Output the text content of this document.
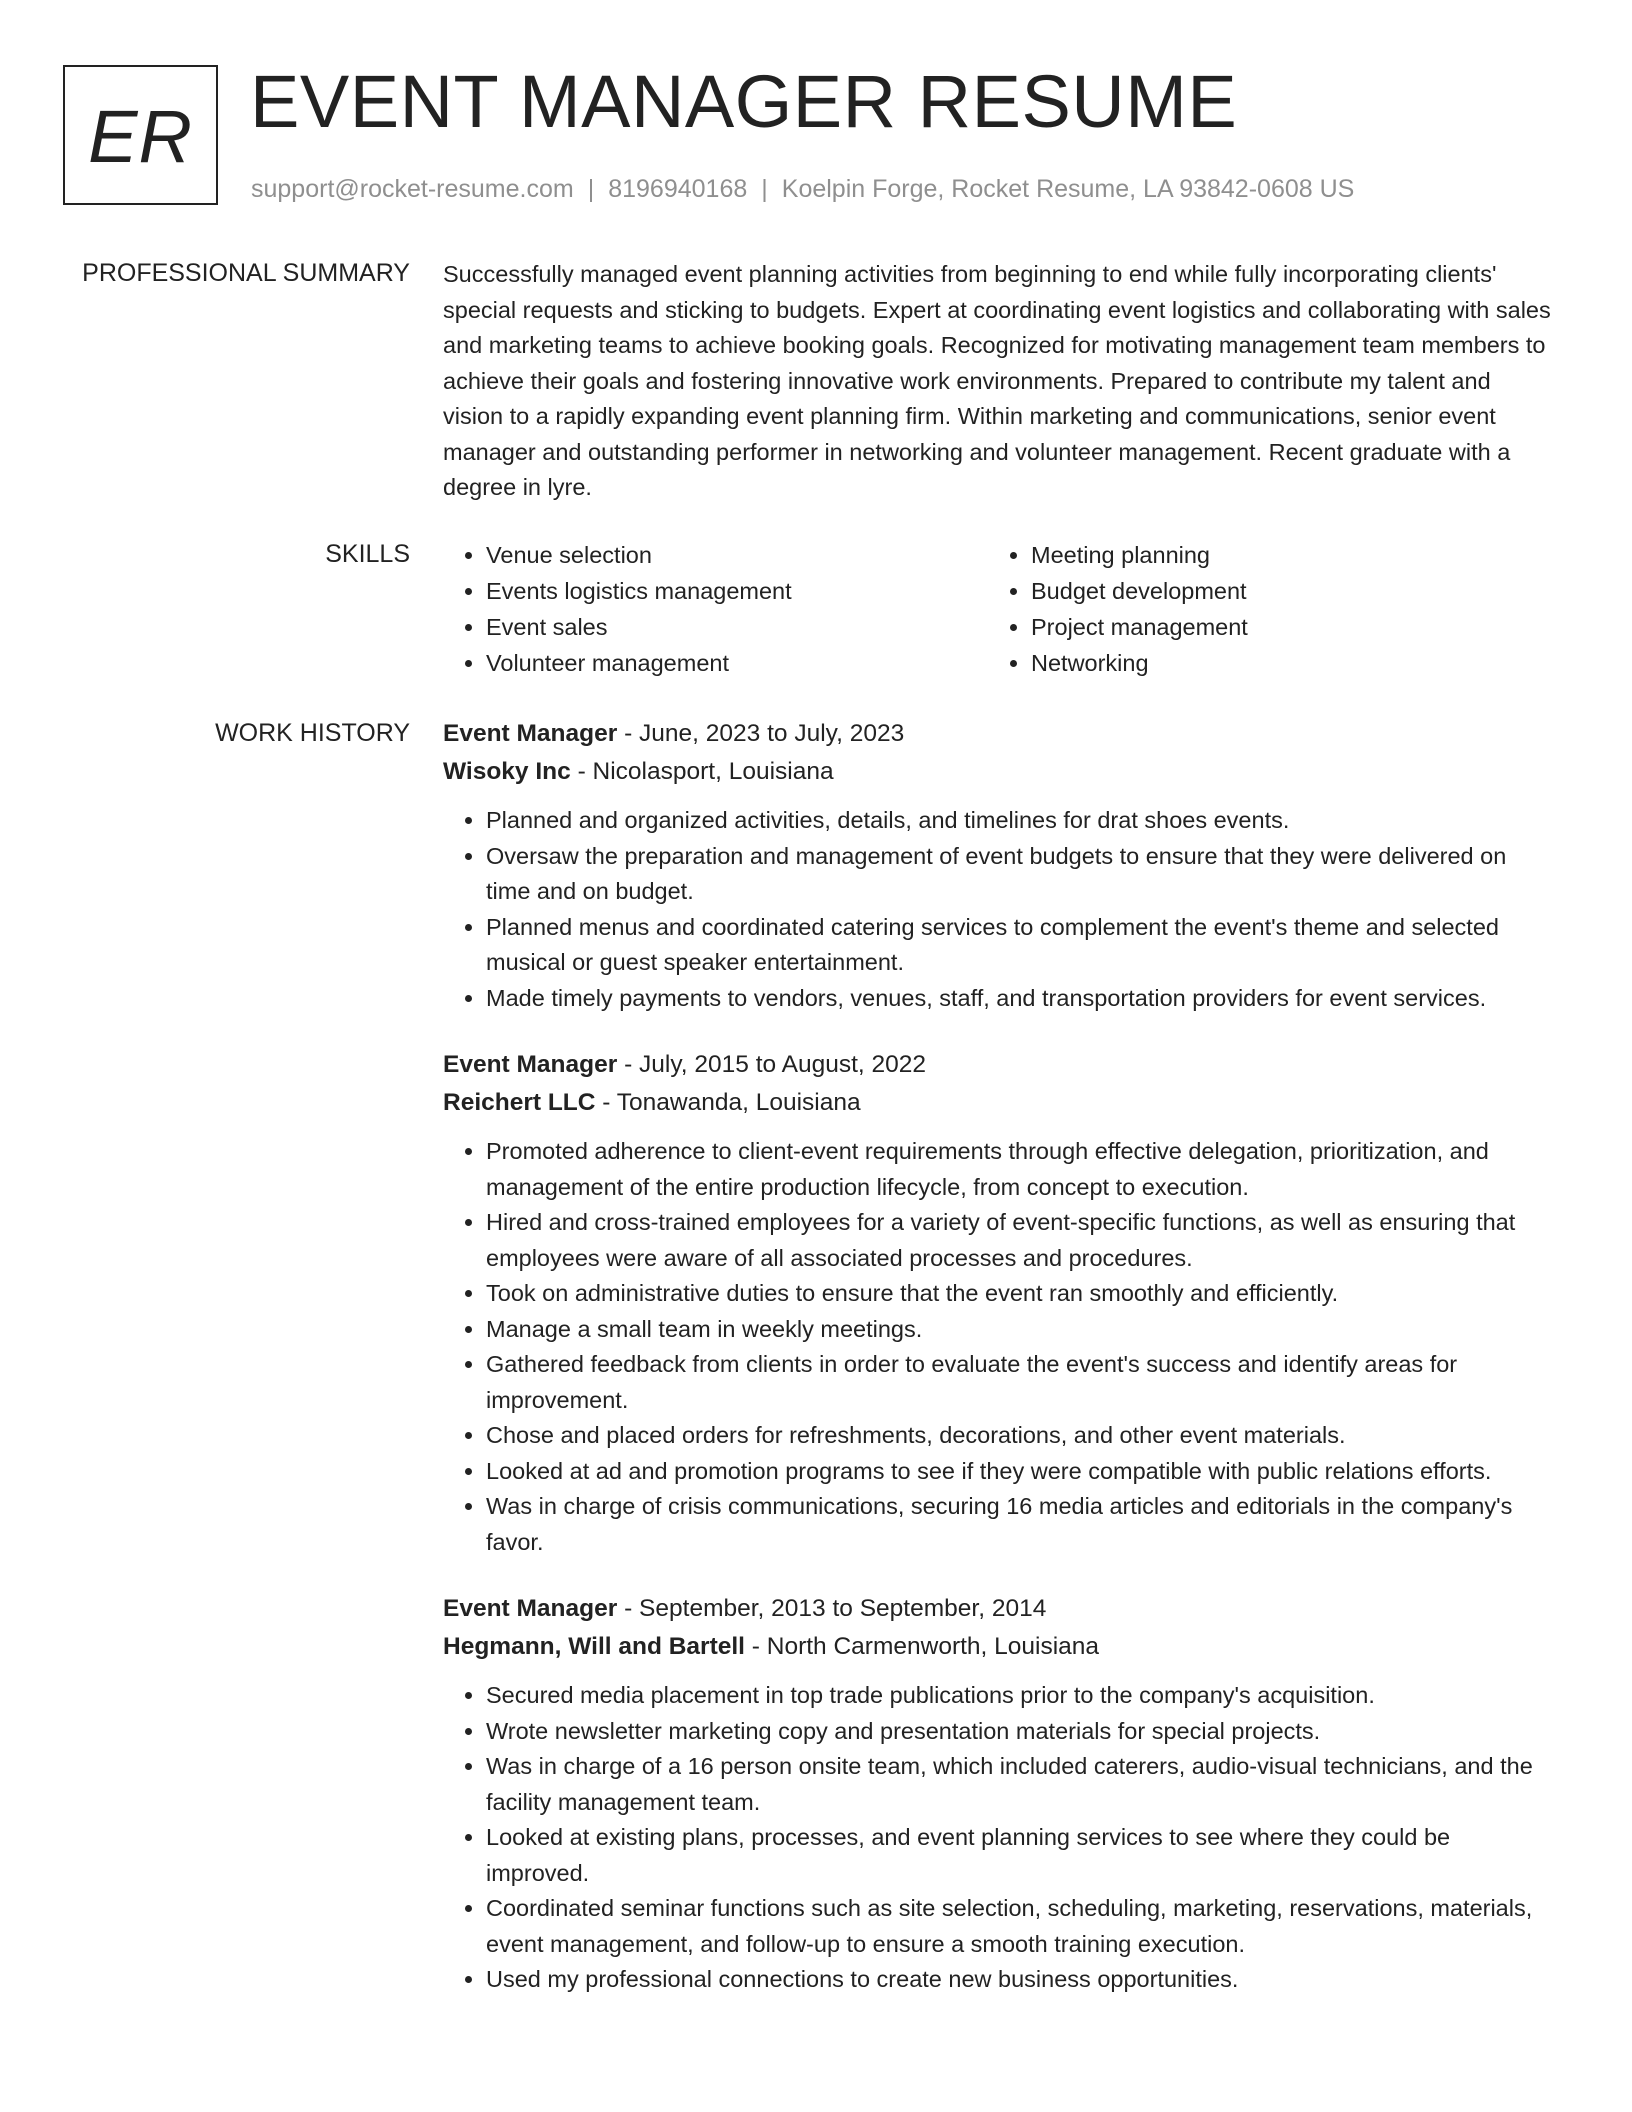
ER EVENT MANAGER RESUME
support@rocket-resume.com | 8196940168 | Koelpin Forge, Rocket Resume, LA 93842-0608 US
PROFESSIONAL SUMMARY Successfully managed event planning activities from beginning to end while fully incorporating clients' special requests and sticking to budgets. Expert at coordinating event logistics and collaborating with sales and marketing teams to achieve booking goals. Recognized for motivating management team members to achieve their goals and fostering innovative work environments. Prepared to contribute my talent and vision to a rapidly expanding event planning firm. Within marketing and communications, senior event manager and outstanding performer in networking and volunteer management. Recent graduate with a degree in lyre.

SKILLS
•	Venue selection
• Events logistics management
• Event sales
• Volunteer management
• Meeting planning
• Budget development
• Project management
• Networking
WORK HISTORY Event Manager - June, 2023 to July, 2023
Wisoky Inc - Nicolasport, Louisiana
• Planned and organized activities, details, and timelines for drat shoes events.
• Oversaw the preparation and management of event budgets to ensure that they were delivered on time and on budget.
• Planned menus and coordinated catering services to complement the event's theme and selected musical or guest speaker entertainment.
• Made timely payments to vendors, venues, staff, and transportation providers for event services.
Event Manager - July, 2015 to August, 2022
Reichert LLC - Tonawanda, Louisiana
• Promoted adherence to client-event requirements through effective delegation, prioritization, and management of the entire production lifecycle, from concept to execution.
• Hired and cross-trained employees for a variety of event-specific functions, as well as ensuring that employees were aware of all associated processes and procedures.
• Took on administrative duties to ensure that the event ran smoothly and efficiently.
• Manage a small team in weekly meetings.
• Gathered feedback from clients in order to evaluate the event's success and identify areas for improvement.
• Chose and placed orders for refreshments, decorations, and other event materials.
• Looked at ad and promotion programs to see if they were compatible with public relations efforts.
• Was in charge of crisis communications, securing 16 media articles and editorials in the company's favor.
Event Manager - September, 2013 to September, 2014
Hegmann, Will and Bartell - North Carmenworth, Louisiana
• Secured media placement in top trade publications prior to the company's acquisition.
• Wrote newsletter marketing copy and presentation materials for special projects.
• Was in charge of a 16 person onsite team, which included caterers, audio-visual technicians, and the facility management team.
• Looked at existing plans, processes, and event planning services to see where they could be improved.
• Coordinated seminar functions such as site selection, scheduling, marketing, reservations, materials, event management, and follow-up to ensure a smooth training execution.
• Used my professional connections to create new business opportunities.
